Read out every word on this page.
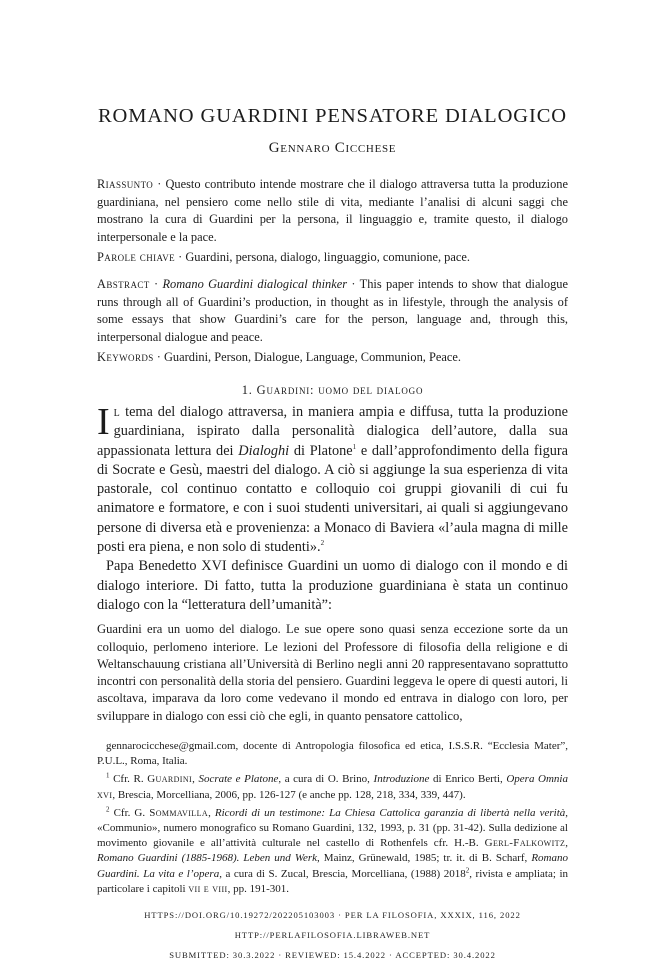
ROMANO GUARDINI PENSATORE DIALOGICO
Gennaro Cicchese

Riassunto · Questo contributo intende mostrare che il dialogo attraversa tutta la produzione guardiniana, nel pensiero come nello stile di vita, mediante l’analisi di alcuni saggi che mostrano la cura di Guardini per la persona, il linguaggio e, tramite questo, il dialogo interpersonale e la pace.

Parole chiave · Guardini, persona, dialogo, linguaggio, comunione, pace.

Abstract · Romano Guardini dialogical thinker · This paper intends to show that dialogue runs through all of Guardini’s production, in thought as in lifestyle, through the analysis of some essays that show Guardini’s care for the person, language and, through this, interpersonal dialogue and peace.

Keywords · Guardini, Person, Dialogue, Language, Communion, Peace.

1. Guardini: uomo del dialogo

Il tema del dialogo attraversa, in maniera ampia e diffusa, tutta la produzione guardiniana, ispirato dalla personalità dialogica dell’autore, dalla sua appassionata lettura dei Dialoghi di Platone$^1$ e dall’approfondimento della figura di Socrate e Gesù, maestri del dialogo. A ciò si aggiunge la sua esperienza di vita pastorale, col continuo contatto e colloquio coi gruppi giovanili di cui fu animatore e formatore, e con i suoi studenti universitari, ai quali si aggiungevano persone di diversa età e provenienza: a Monaco di Baviera «l’aula magna di mille posti era piena, e non solo di studenti».$^2$

Papa Benedetto XVI definisce Guardini un uomo di dialogo con il mondo e di dialogo interiore. Di fatto, tutta la produzione guardiniana è stata un continuo dialogo con la “letteratura dell’umanità”:

Guardini era un uomo del dialogo. Le sue opere sono quasi senza eccezione sorte da un colloquio, perlomeno interiore. Le lezioni del Professore di filosofia della religione e di Weltanschauung cristiana all’Università di Berlino negli anni 20 rappresentavano soprattutto incontri con personalità della storia del pensiero. Guardini leggeva le opere di questi autori, li ascoltava, imparava da loro come vedevano il mondo ed entrava in dialogo con loro, per sviluppare in dialogo con essi ciò che egli, in quanto pensatore cattolico,

gennarocicchese@gmail.com, docente di Antropologia filosofica ed etica, I.S.S.R. “Ecclesia Mater”, P.U.L., Roma, Italia.

$^1$ Cfr. R. Guardini, Socrate e Platone, a cura di O. Brino, Introduzione di Enrico Berti, Opera Omnia xvi, Brescia, Morcelliana, 2006, pp. 126-127 (e anche pp. 128, 218, 334, 339, 447).

$^2$ Cfr. G. Sommavilla, Ricordi di un testimone: La Chiesa Cattolica garanzia di libertà nella verità, «Communio», numero monografico su Romano Guardini, 132, 1993, p. 31 (pp. 31-42). Sulla dedizione al movimento giovanile e all’attività culturale nel castello di Rothenfels cfr. H.-B. Gerl-Falkowitz, Romano Guardini (1885-1968). Leben und Werk, Mainz, Grünewald, 1985; tr. it. di B. Scharf, Romano Guardini. La vita e l’opera, a cura di S. Zucal, Brescia, Morcelliana, (1988) 2018$^2$, rivista e ampliata; in particolare i capitoli vii e viii, pp. 191-301.

HTTPS://DOI.ORG/10.19272/202205103003 · PER LA FILOSOFIA, XXXIX, 116, 2022
HTTP://PERLAFILOSOFIA.LIBRAWEB.NET
SUBMITTED: 30.3.2022 · REVIEWED: 15.4.2022 · ACCEPTED: 30.4.2022
